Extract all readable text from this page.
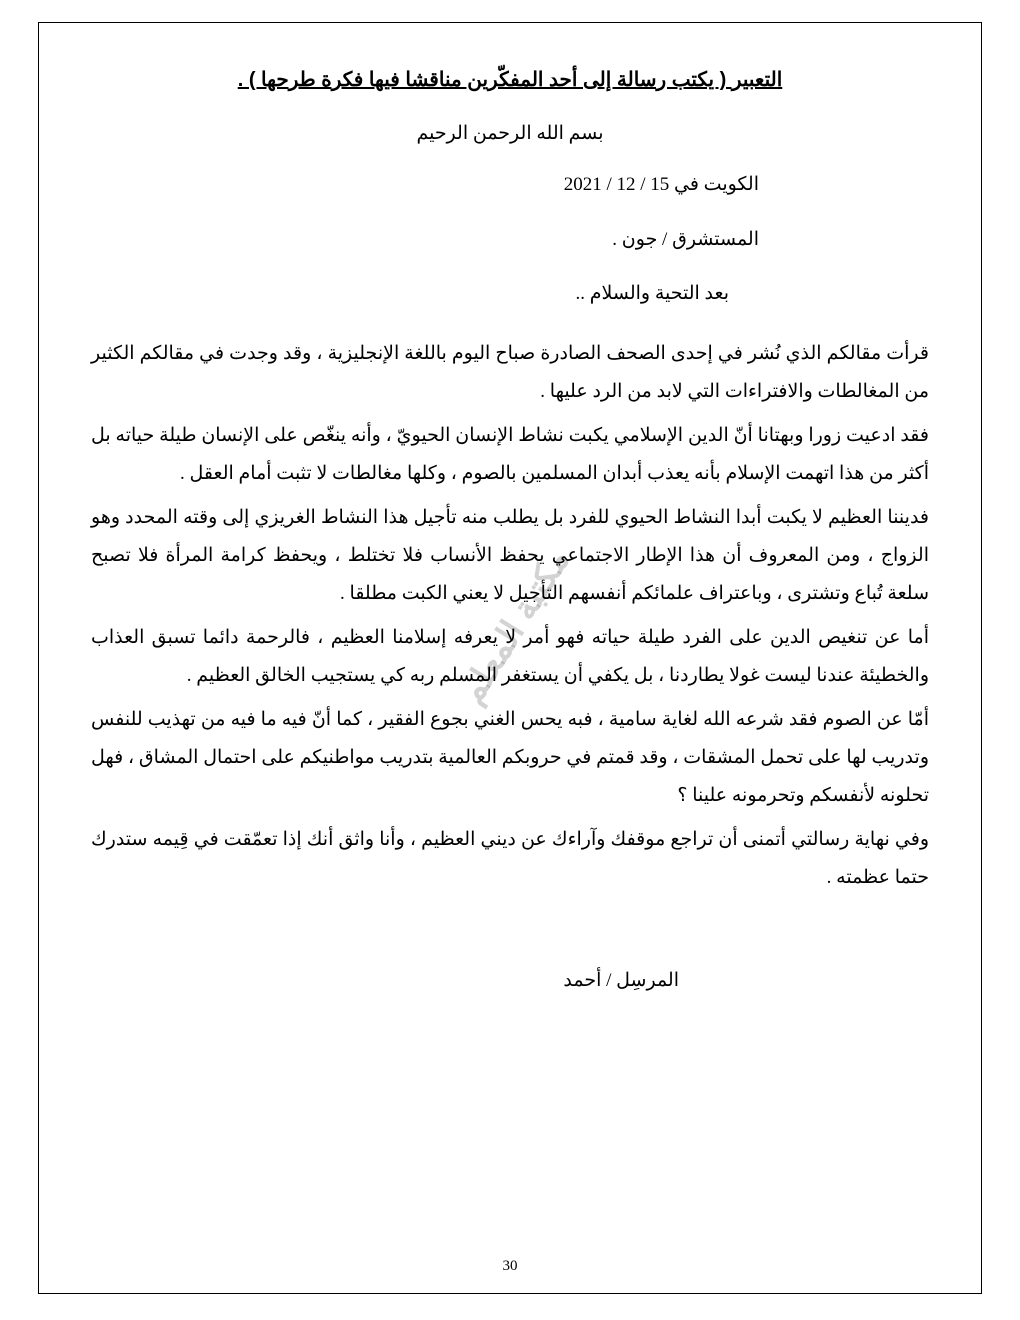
مكتبة المعلم
التعبير ( يكتب رسالة إلى أحد المفكّرين مناقشا فيها فكرة طرحها ) .
بسم الله الرحمن الرحيم
الكويت في 15 / 12 / 2021
المستشرق / جون .
بعد التحية والسلام ..
قرأت مقالكم الذي نُشر في إحدى الصحف الصادرة صباح اليوم باللغة الإنجليزية ، وقد وجدت في مقالكم الكثير من المغالطات والافتراءات التي لابد من الرد عليها .
فقد ادعيت زورا وبهتانا أنّ الدين الإسلامي يكبت نشاط الإنسان الحيويّ ، وأنه ينغّص على الإنسان طيلة حياته بل أكثر من هذا اتهمت الإسلام بأنه يعذب أبدان المسلمين بالصوم ، وكلها مغالطات لا تثبت أمام العقل .
فديننا العظيم لا يكبت أبدا النشاط الحيوي للفرد بل يطلب منه تأجيل هذا النشاط الغريزي إلى وقته المحدد وهو الزواج ، ومن المعروف أن هذا الإطار الاجتماعي يحفظ الأنساب فلا تختلط ، ويحفظ كرامة المرأة فلا تصبح سلعة تُباع وتشترى ، وباعتراف علمائكم أنفسهم التأجيل لا يعني الكبت مطلقا .
أما عن تنغيص الدين على الفرد طيلة حياته فهو أمر لا يعرفه إسلامنا العظيم ، فالرحمة دائما تسبق العذاب والخطيئة عندنا ليست غولا يطاردنا ، بل يكفي أن يستغفر المسلم ربه كي يستجيب الخالق العظيم .
أمّا عن الصوم فقد شرعه الله لغاية سامية ، فبه يحس الغني بجوع الفقير ، كما أنّ فيه ما فيه من تهذيب للنفس وتدريب لها على تحمل المشقات ، وقد قمتم في حروبكم العالمية بتدريب مواطنيكم على احتمال المشاق ، فهل تحلونه لأنفسكم وتحرمونه علينا ؟
وفي نهاية رسالتي أتمنى أن تراجع موقفك وآراءك عن ديني العظيم ، وأنا واثق أنك إذا تعمّقت في قِيمه ستدرك حتما عظمته .
المرسِل / أحمد
30
